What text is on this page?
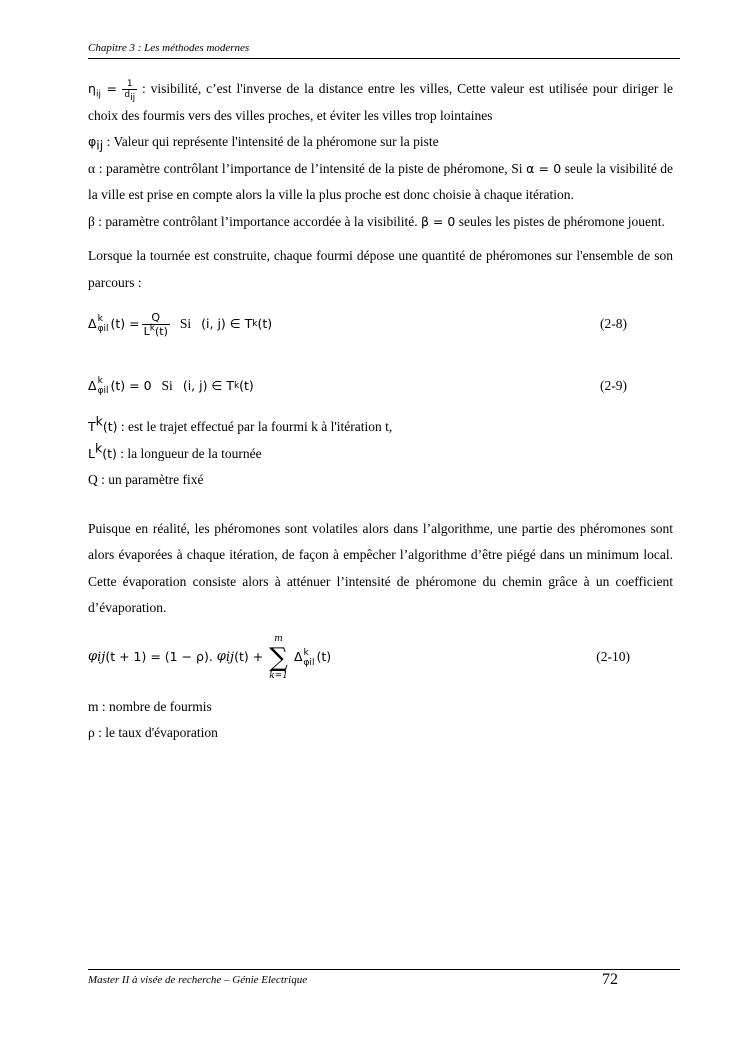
Chapitre 3 : Les méthodes modernes

$\eta_{ij} = \frac{1}{d_{ij}}$ : visibilité, c’est l'inverse de la distance entre les villes, Cette valeur est utilisée pour diriger le choix des fourmis vers des villes proches, et éviter les villes trop lointaines

$\varphi_{ij}$ : Valeur qui représente l'intensité de la phéromone sur la piste

α : paramètre contrôlant l’importance de l’intensité de la piste de phéromone, Si α = 0 seule la visibilité de la ville est prise en compte alors la ville la plus proche est donc choisie à chaque itération.

β : paramètre contrôlant l’importance accordée à la visibilité. β = 0 seules les pistes de phéromone jouent.

Lorsque la tournée est construite, chaque fourmi dépose une quantité de phéromones sur l'ensemble de son parcours :

Δ k
φil $(t) = \frac{Q}{L^k(t)}$ Si (i, j) ∈ T k (t)	(2-8)
Δ k
φil (t) = 0 Si (i, j) ∈ T k (t)	(2-9)

$T^k(t)$ : est le trajet effectué par la fourmi k à l'itération t,

$L^k(t)$ : la longueur de la tournée

Q : un paramètre fixé

Puisque en réalité, les phéromones sont volatiles alors dans l’algorithme, une partie des phéromones sont alors évaporées à chaque itération, de façon à empêcher l’algorithme d’être piégé dans un minimum local. Cette évaporation consiste alors à atténuer l’intensité de phéromone du chemin grâce à un coefficient d’évaporation.

φ ij (t + 1) = (1 − ρ). φ ij (t) +
m
∑
k=1
Δ k
φil (t)	(2-10)

m : nombre de fourmis

ρ : le taux d'évaporation

Master II à visée de recherche – Génie Electrique	72
